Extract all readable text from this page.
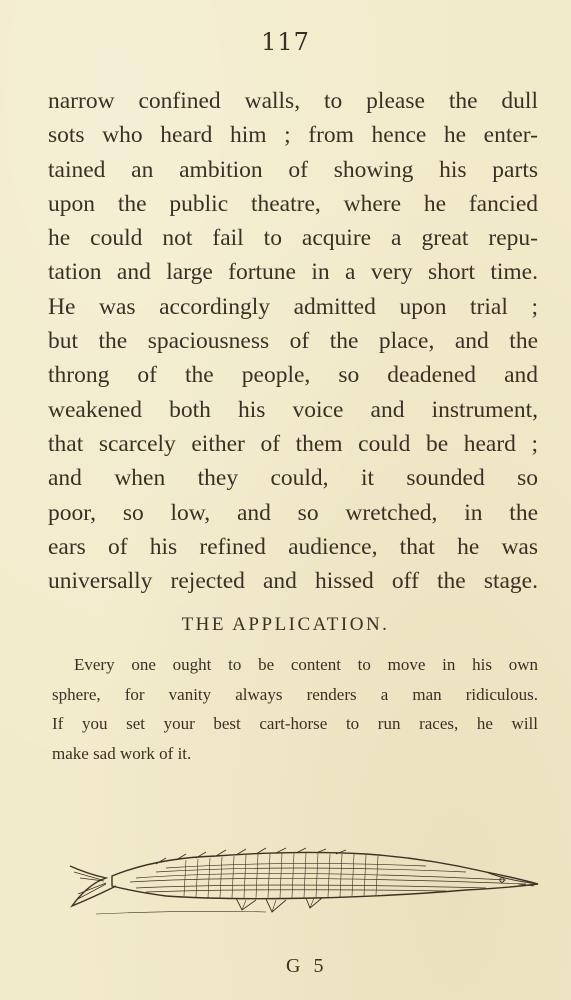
117
narrow confined walls, to please the dull
sots who heard him ; from hence he enter-
tained an ambition of showing his parts
upon the public theatre, where he fancied
he could not fail to acquire a great repu-
tation and large fortune in a very short time.
He was accordingly admitted upon trial ;
but the spaciousness of the place, and the
throng of the people, so deadened and
weakened both his voice and instrument,
that scarcely either of them could be heard ;
and when they could, it sounded so
poor, so low, and so wretched, in the
ears of his refined audience, that he was
universally rejected and hissed off the stage.
THE APPLICATION.
Every one ought to be content to move in his own
sphere, for vanity always renders a man ridiculous.
If you set your best cart-horse to run races, he will
make sad work of it.
G 5
